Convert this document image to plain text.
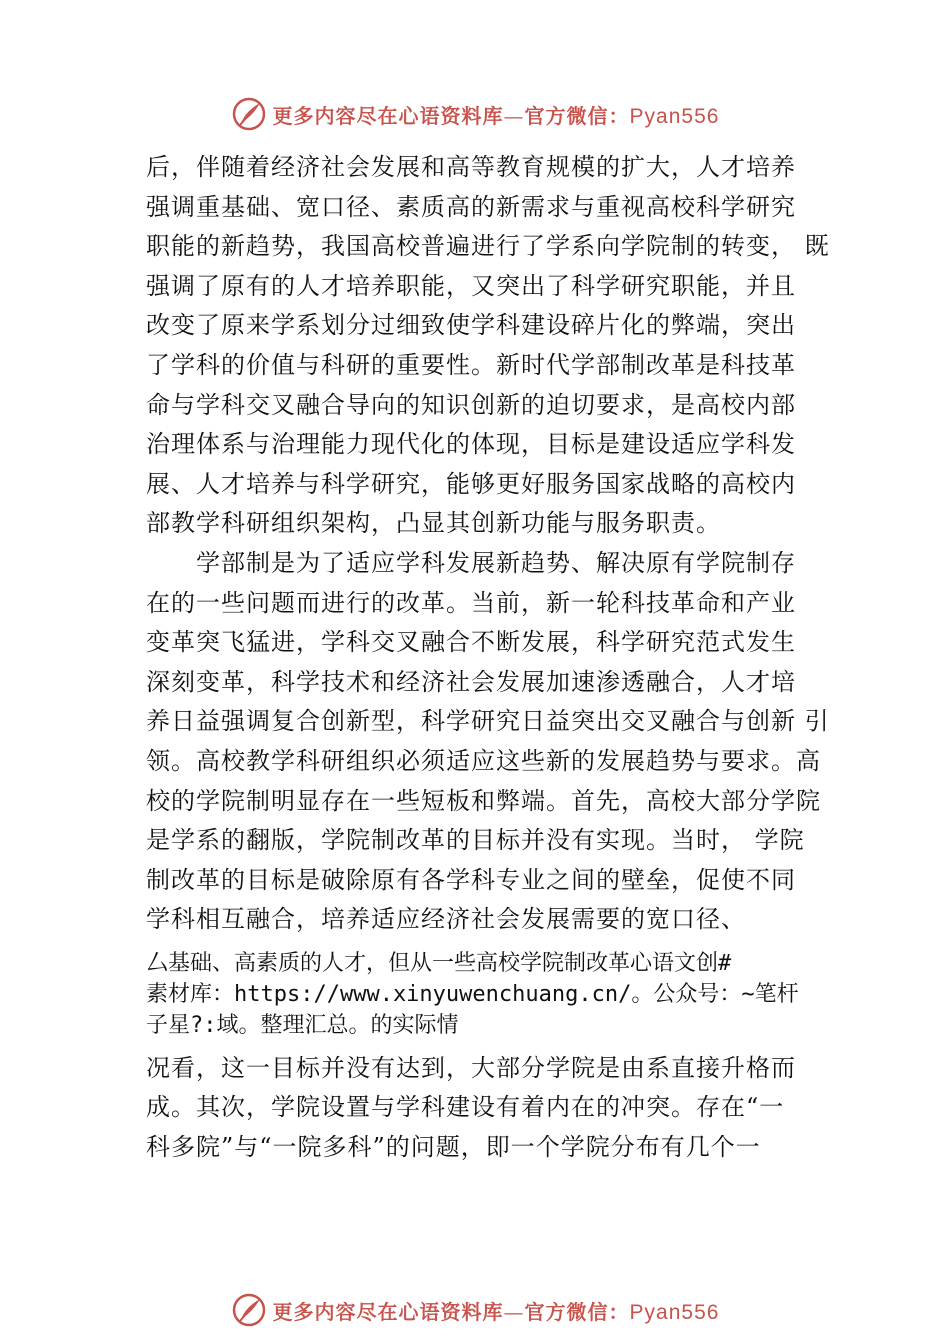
更多内容尽在心语资料库—官方微信：Pyan556
后，伴随着经济社会发展和高等教育规模的扩大，人才培养
强调重基础、宽口径、素质高的新需求与重视高校科学研究
职能的新趋势，我国高校普遍进行了学系向学院制的转变， 既
强调了原有的人才培养职能，又突出了科学研究职能，并且
改变了原来学系划分过细致使学科建设碎片化的弊端，突出
了学科的价值与科研的重要性。新时代学部制改革是科技革
命与学科交叉融合导向的知识创新的迫切要求，是高校内部
治理体系与治理能力现代化的体现，目标是建设适应学科发
展、人才培养与科学研究，能够更好服务国家战略的高校内
部教学科研组织架构，凸显其创新功能与服务职责。
学部制是为了适应学科发展新趋势、解决原有学院制存
在的一些问题而进行的改革。当前，新一轮科技革命和产业
变革突飞猛进，学科交叉融合不断发展，科学研究范式发生
深刻变革，科学技术和经济社会发展加速渗透融合，人才培
养日益强调复合创新型，科学研究日益突出交叉融合与创新 引
领。高校教学科研组织必须适应这些新的发展趋势与要求。高
校的学院制明显存在一些短板和弊端。首先，高校大部分学院
是学系的翻版，学院制改革的目标并没有实现。当时， 学院
制改革的目标是破除原有各学科专业之间的壁垒，促使不同
学科相互融合，培养适应经济社会发展需要的宽口径、
厶基础、高素质的人才，但从一些高校学院制改革心语文创#
素材库：https://www.xinyuwenchuang.cn/。公众号：~笔杆
子星?:域。整理汇总。的实际情
况看，这一目标并没有达到，大部分学院是由系直接升格而
成。其次，学院设置与学科建设有着内在的冲突。存在“一
科多院”与“一院多科”的问题，即一个学院分布有几个一
更多内容尽在心语资料库—官方微信：Pyan556
